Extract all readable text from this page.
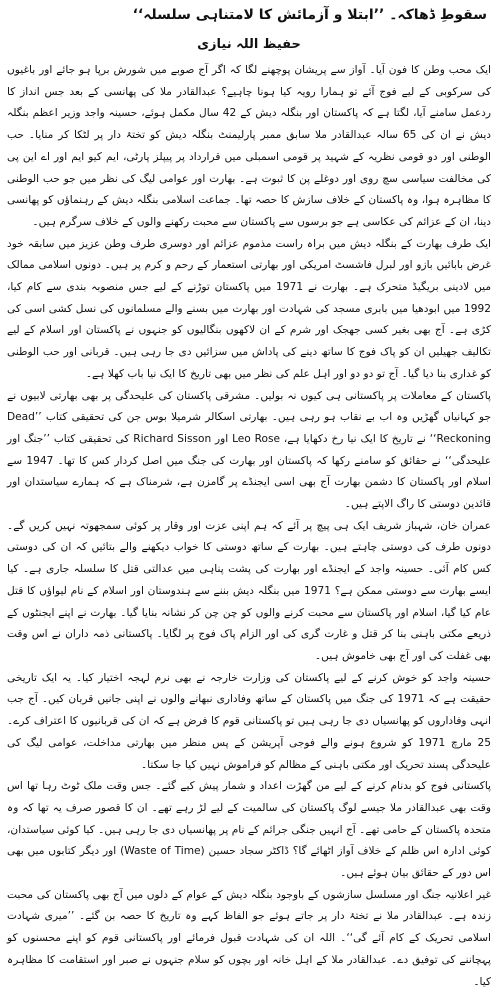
سقوطِ ڈھاکہ۔ ’’ابتلا و آزمائش کا لامتناہی سلسلہ‘‘
حفیظ اللہ نیازی

ایک محب وطن کا فون آیا۔ آواز سے پریشان پوچھنے لگا کہ اگر آج صوبے میں شورش برپا ہو جائے اور باغیوں کی سرکوبی کے لیے فوج آئے تو ہمارا رویہ کیا ہونا چاہیے؟ عبدالقادر ملا کی پھانسی کے بعد جس انداز کا ردعمل سامنے آیا، لگتا ہے کہ پاکستان اور بنگلہ دیش کے 42 سال مکمل ہوئے، حسینہ واجد وزیر اعظم بنگلہ دیش نے ان کی 65 سالہ عبدالقادر ملا سابق ممبر پارلیمنٹ بنگلہ دیش کو تختۂ دار پر لٹکا کر منایا۔ حب الوطنی اور دو قومی نظریہ کے شہید پر قومی اسمبلی میں قرارداد پر پیپلز پارٹی، ایم کیو ایم اور اے این پی کی مخالفت سیاسی سچ روی اور دوغلے پن کا ثبوت ہے۔ بھارت اور عوامی لیگ کی نظر میں جو حب الوطنی کا مظاہرہ ہوا، وہ پاکستان کے خلاف سازش کا حصہ تھا۔ جماعت اسلامی بنگلہ دیش کے رہنماؤں کو پھانسی دینا، ان کے عزائم کی عکاسی ہے جو برسوں سے پاکستان سے محبت رکھنے والوں کے خلاف سرگرم ہیں۔

ایک طرف بھارت کے بنگلہ دیش میں براہ راست مذموم عزائم اور دوسری طرف وطن عزیز میں سابقہ خود غرض بابائیں بازو اور لبرل فاشسٹ امریکی اور بھارتی استعمار کے رحم و کرم پر ہیں۔ دونوں اسلامی ممالک میں لادینی بریگیڈ متحرک ہے۔ بھارت نے 1971 میں پاکستان توڑنے کے لیے جس منصوبہ بندی سے کام کیا، 1992 میں ابودھیا میں بابری مسجد کی شہادت اور بھارت میں بسنے والے مسلمانوں کی نسل کشی اسی کی کڑی ہے۔ آج بھی بغیر کسی جھجک اور شرم کے ان لاکھوں بنگالیوں کو جنہوں نے پاکستان اور اسلام کے لیے تکالیف جھیلیں ان کو پاک فوج کا ساتھ دینے کی پاداش میں سزائیں دی جا رہی ہیں۔ قربانی اور حب الوطنی کو غداری بنا دیا گیا۔ آج تو دو دو اور اہل علم کی نظر میں بھی تاریخ کا ایک نیا باب کھلا ہے۔

پاکستان کے معاملات پر پاکستانی ہی کیوں نہ بولیں۔ مشرقی پاکستان کی علیحدگی پر بھی بھارتی لابیوں نے جو کہانیاں گھڑیں وہ اب بے نقاب ہو رہی ہیں۔ بھارتی اسکالر شرمیلا بوس جن کی تحقیقی کتاب ’’Dead Reckoning‘‘ نے تاریخ کا ایک نیا رخ دکھایا ہے، Leo Rose اور Richard Sisson کی تحقیقی کتاب ’’جنگ اور علیحدگی‘‘ نے حقائق کو سامنے رکھا کہ پاکستان اور بھارت کی جنگ میں اصل کردار کس کا تھا۔ 1947 سے اسلام اور پاکستان کا دشمن بھارت آج بھی اسی ایجنڈے پر گامزن ہے، شرمناک ہے کہ ہمارے سیاستدان اور قائدین دوستی کا راگ الاپتے ہیں۔

عمران خان، شہباز شریف ایک ہی پیچ پر آئے کہ ہم اپنی عزت اور وقار پر کوئی سمجھوتہ نہیں کریں گے۔ دونوں طرف کی دوستی چاہتے ہیں۔ بھارت کے ساتھ دوستی کا خواب دیکھنے والے بتائیں کہ ان کی دوستی کس کام آئی۔ حسینہ واجد کے ایجنڈے اور بھارت کی پشت پناہی میں عدالتی قتل کا سلسلہ جاری ہے۔ کیا ایسے بھارت سے دوستی ممکن ہے؟ 1971 میں بنگلہ دیش بننے سے ہندوستان اور اسلام کے نام لیواؤں کا قتل عام کیا گیا، اسلام اور پاکستان سے محبت کرنے والوں کو چن چن کر نشانہ بنایا گیا۔ بھارت نے اپنے ایجنٹوں کے ذریعے مکتی باہنی بنا کر قتل و غارت گری کی اور الزام پاک فوج پر لگایا۔ پاکستانی ذمہ داران نے اس وقت بھی غفلت کی اور آج بھی خاموش ہیں۔

حسینہ واجد کو خوش کرنے کے لیے پاکستان کی وزارت خارجہ نے بھی نرم لہجہ اختیار کیا۔ یہ ایک تاریخی حقیقت ہے کہ 1971 کی جنگ میں پاکستان کے ساتھ وفاداری نبھانے والوں نے اپنی جانیں قربان کیں۔ آج جب انہی وفاداروں کو پھانسیاں دی جا رہی ہیں تو پاکستانی قوم کا فرض ہے کہ ان کی قربانیوں کا اعتراف کرے۔ 25 مارچ 1971 کو شروع ہونے والے فوجی آپریشن کے پس منظر میں بھارتی مداخلت، عوامی لیگ کی علیحدگی پسند تحریک اور مکتی باہنی کے مظالم کو فراموش نہیں کیا جا سکتا۔

پاکستانی فوج کو بدنام کرنے کے لیے من گھڑت اعداد و شمار پیش کیے گئے۔ جس وقت ملک ٹوٹ رہا تھا اس وقت بھی عبدالقادر ملا جیسے لوگ پاکستان کی سالمیت کے لیے لڑ رہے تھے۔ ان کا قصور صرف یہ تھا کہ وہ متحدہ پاکستان کے حامی تھے۔ آج انہیں جنگی جرائم کے نام پر پھانسیاں دی جا رہی ہیں۔ کیا کوئی سیاستدان، کوئی ادارہ اس ظلم کے خلاف آواز اٹھائے گا؟ ڈاکٹر سجاد حسین (Waste of Time) اور دیگر کتابوں میں بھی اس دور کے حقائق بیان ہوئے ہیں۔

غیر اعلانیہ جنگ اور مسلسل سازشوں کے باوجود بنگلہ دیش کے عوام کے دلوں میں آج بھی پاکستان کی محبت زندہ ہے۔ عبدالقادر ملا نے تختۂ دار پر جاتے ہوئے جو الفاظ کہے وہ تاریخ کا حصہ بن گئے۔ ’’میری شہادت اسلامی تحریک کے کام آئے گی‘‘۔ اللہ ان کی شہادت قبول فرمائے اور پاکستانی قوم کو اپنے محسنوں کو پہچاننے کی توفیق دے۔ عبدالقادر ملا کے اہل خانہ اور بچوں کو سلام جنہوں نے صبر اور استقامت کا مظاہرہ کیا۔
